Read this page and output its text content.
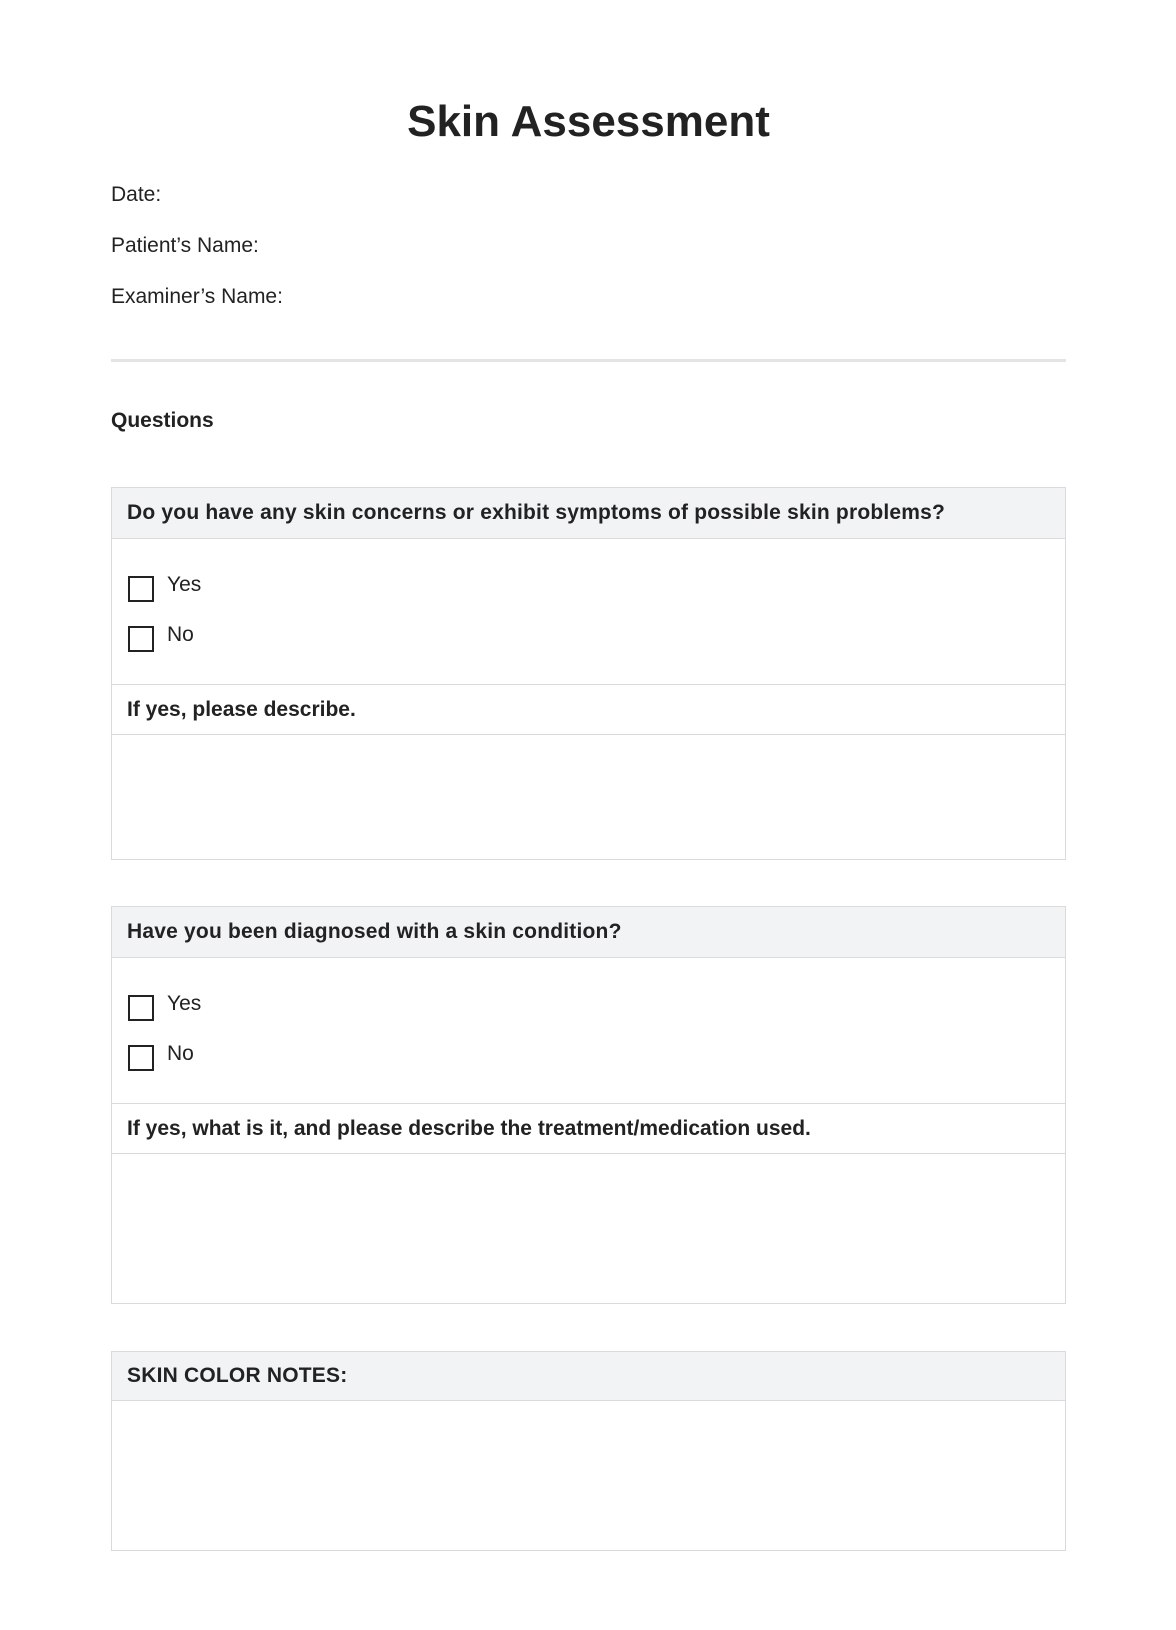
Skin Assessment
Date:
Patient’s Name:
Examiner’s Name:
Questions
Do you have any skin concerns or exhibit symptoms of possible skin problems?
Yes
No
If yes, please describe.
Have you been diagnosed with a skin condition?
Yes
No
If yes, what is it, and please describe the treatment/medication used.
SKIN COLOR NOTES:
